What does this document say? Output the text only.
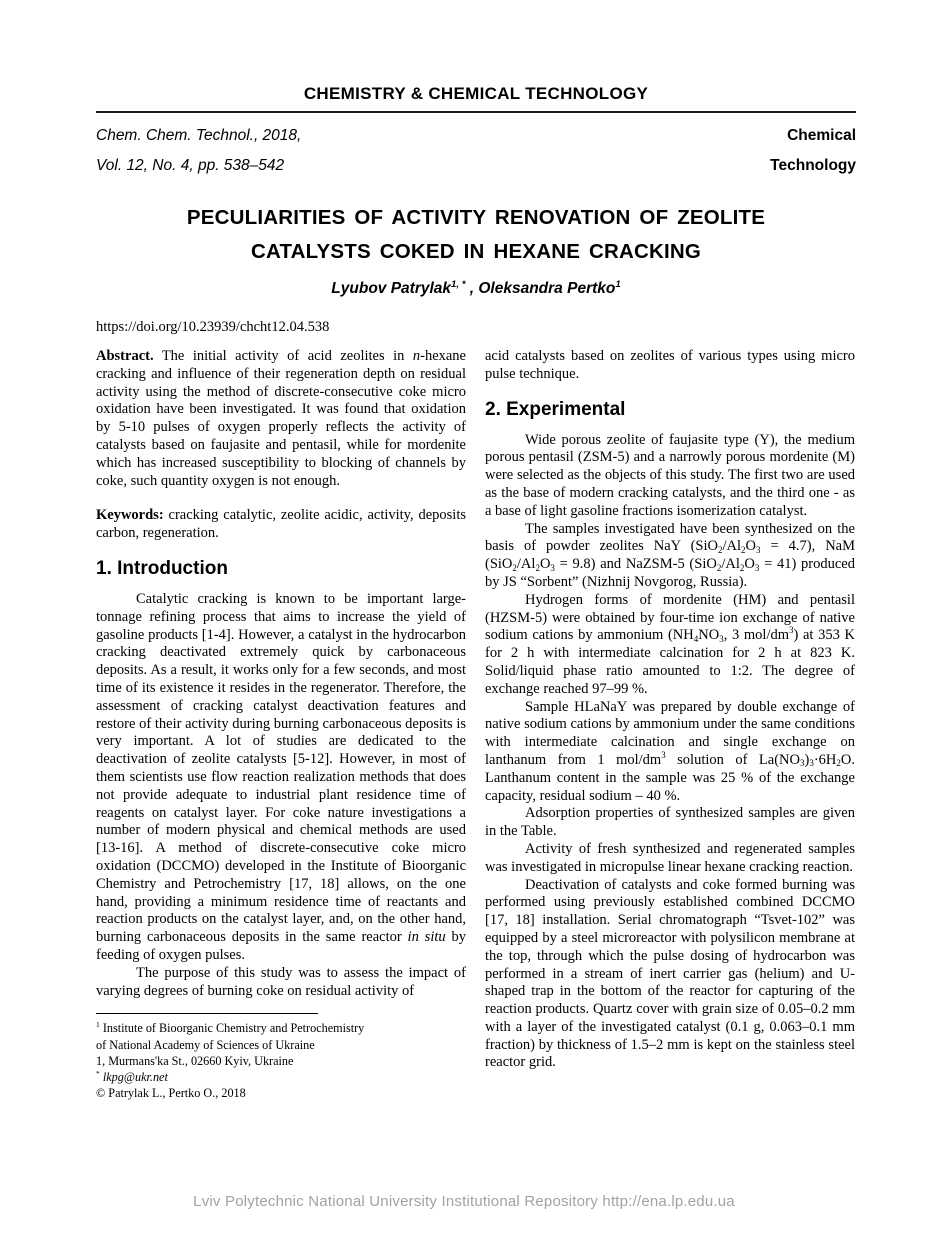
CHEMISTRY & CHEMICAL TECHNOLOGY
Chem. Chem. Technol., 2018,
Vol. 12, No. 4, pp. 538–542
Chemical
Technology
PECULIARITIES OF ACTIVITY RENOVATION OF ZEOLITE
CATALYSTS COKED IN HEXANE CRACKING
Lyubov Patrylak$^{1, *}$ , Oleksandra Pertko$^1$
https://doi.org/10.23939/chcht12.04.538

Abstract. The initial activity of acid zeolites in n-hexane cracking and influence of their regeneration depth on residual activity using the method of discrete-consecutive coke micro oxidation have been investigated. It was found that oxidation by 5-10 pulses of oxygen properly reflects the activity of catalysts based on faujasite and pentasil, while for mordenite which has increased susceptibility to blocking of channels by coke, such quantity oxygen is not enough.

Keywords: cracking catalytic, zeolite acidic, activity, deposits carbon, regeneration.

1. Introduction

Catalytic cracking is known to be important large-tonnage refining process that aims to increase the yield of gasoline products [1-4]. However, a catalyst in the hydrocarbon cracking deactivated extremely quick by carbonaceous deposits. As a result, it works only for a few seconds, and most time of its existence it resides in the regenerator. Therefore, the assessment of cracking catalyst deactivation features and restore of their activity during burning carbonaceous deposits is very important. A lot of studies are dedicated to the deactivation of zeolite catalysts [5-12]. However, in most of them scientists use flow reaction realization methods that does not provide adequate to industrial plant residence time of reagents on catalyst layer. For coke nature investigations a number of modern physical and chemical methods are used [13-16]. A method of discrete-consecutive coke micro oxidation (DCCMO) developed in the Institute of Bioorganic Chemistry and Petrochemistry [17, 18] allows, on the one hand, providing a minimum residence time of reactants and reaction products on the catalyst layer, and, on the other hand, burning carbonaceous deposits in the same reactor in situ by feeding of oxygen pulses.

The purpose of this study was to assess the impact of varying degrees of burning coke on residual activity of

$^1$ Institute of Bioorganic Chemistry and Petrochemistry
of National Academy of Sciences of Ukraine
1, Murmans'ka St., 02660 Kyiv, Ukraine
* lkpg@ukr.net
© Patrylak L., Pertko O., 2018

acid catalysts based on zeolites of various types using micro pulse technique.

2. Experimental

Wide porous zeolite of faujasite type (Y), the medium porous pentasil (ZSM-5) and a narrowly porous mordenite (M) were selected as the objects of this study. The first two are used as the base of modern cracking catalysts, and the third one - as a base of light gasoline fractions isomerization catalyst.

The samples investigated have been synthesized on the basis of powder zeolites NaY $(SiO_2/Al_2O_3 = 4.7)$, NaM $(SiO_2/Al_2O_3 = 9.8)$ and NaZSM-5 $(SiO_2/Al_2O_3 = 41)$ produced by JS “Sorbent” (Nizhnij Novgorog, Russia).

Hydrogen forms of mordenite (HM) and pentasil (HZSM-5) were obtained by four-time ion exchange of native sodium cations by ammonium ($NH_4NO_3$, 3 mol/$dm^3$) at 353 K for 2 h with intermediate calcination for 2 h at 823 K. Solid/liquid phase ratio amounted to 1:2. The degree of exchange reached 97–99 %.

Sample HLaNaY was prepared by double exchange of native sodium cations by ammonium under the same conditions with intermediate calcination and single exchange on lanthanum from 1 mol/$dm^3$ solution of $La(NO_3)_3\cdot 6H_2O$. Lanthanum content in the sample was 25 % of the exchange capacity, residual sodium – 40 %.

Adsorption properties of synthesized samples are given in the Table.

Activity of fresh synthesized and regenerated samples was investigated in micropulse linear hexane cracking reaction.

Deactivation of catalysts and coke formed burning was performed using previously established combined DCCMO [17, 18] installation. Serial chromatograph “Tsvet-102” was equipped by a steel microreactor with polysilicon membrane at the top, through which the pulse dosing of hydrocarbon was performed in a stream of inert carrier gas (helium) and U-shaped trap in the bottom of the reactor for capturing of the reaction products. Quartz cover with grain size of 0.05–0.2 mm with a layer of the investigated catalyst (0.1 g, 0.063–0.1 mm fraction) by thickness of 1.5–2 mm is kept on the stainless steel reactor grid.

Lviv Polytechnic National University Institutional Repository http://ena.lp.edu.ua
